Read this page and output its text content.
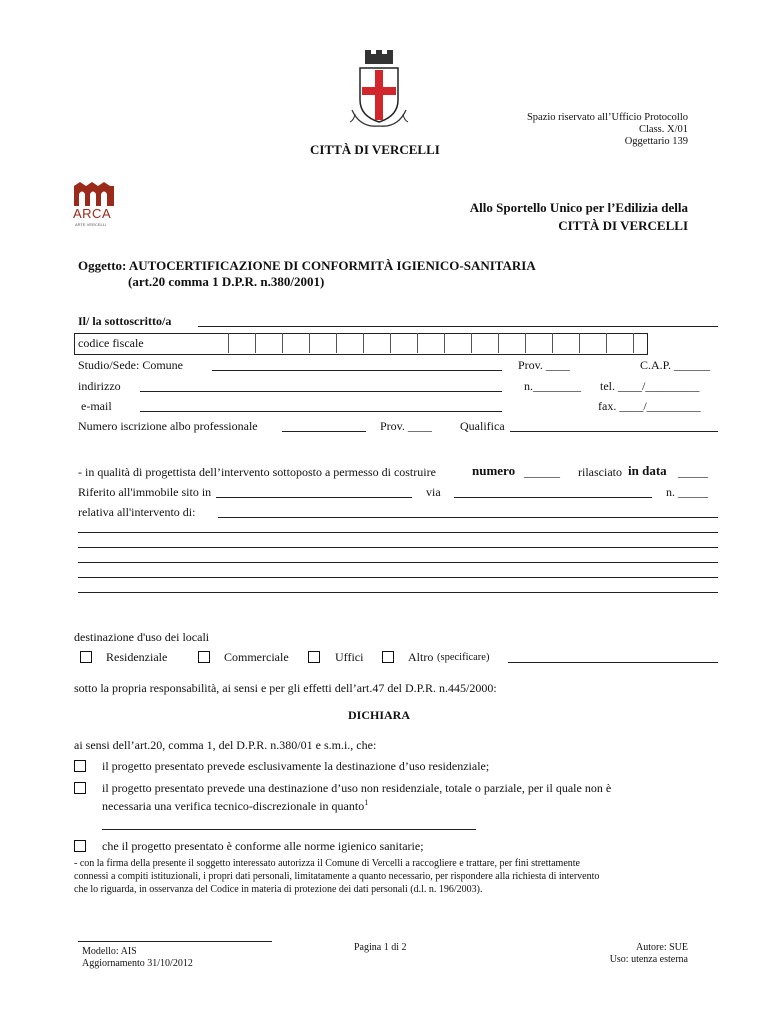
Spazio riservato all’Ufficio Protocollo
Class. X/01
Oggettario 139
CITTÀ DI VERCELLI
ARCA
ARTE VERCELLI
Allo Sportello Unico per l’Edilizia della
CITTÀ DI VERCELLI
Oggetto: AUTOCERTIFICAZIONE DI CONFORMITÀ IGIENICO-SANITARIA
(art.20 comma 1 D.P.R. n.380/2001)
Il/ la sottoscritto/a
codice fiscale
Studio/Sede: Comune	Prov. ____	C.A.P. ______
indirizzo	n.________ tel. ____/_________
e-mail	fax. ____/_________
Numero iscrizione albo professionale	Prov. ____ Qualifica
- in qualità di progettista dell’intervento sottoposto a permesso di costruire	numero ______ rilasciato in data _____
Riferito all'immobile sito in	via	n. _____
relativa all'intervento di:
destinazione d'uso dei locali
Residenziale	Commerciale	Uffici	Altro (specificare)
sotto la propria responsabilità, ai sensi e per gli effetti dell’art.47 del D.P.R. n.445/2000:
DICHIARA
ai sensi dell’art.20, comma 1, del D.P.R. n.380/01 e s.m.i., che:
il progetto presentato prevede esclusivamente la destinazione d’uso residenziale;
il progetto presentato prevede una destinazione d’uso non residenziale, totale o parziale, per il quale non è
necessaria una verifica tecnico-discrezionale in quanto$^1$
che il progetto presentato è conforme alle norme igienico sanitarie;
- con la firma della presente il soggetto interessato autorizza il Comune di Vercelli a raccogliere e trattare, per fini strettamente
connessi a compiti istituzionali, i propri dati personali, limitatamente a quanto necessario, per rispondere alla richiesta di intervento
che lo riguarda, in osservanza del Codice in materia di protezione dei dati personali (d.l. n. 196/2003).
Modello: AIS
Aggiornamento 31/10/2012
Pagina 1 di 2	Autore: SUE
Uso: utenza esterna
